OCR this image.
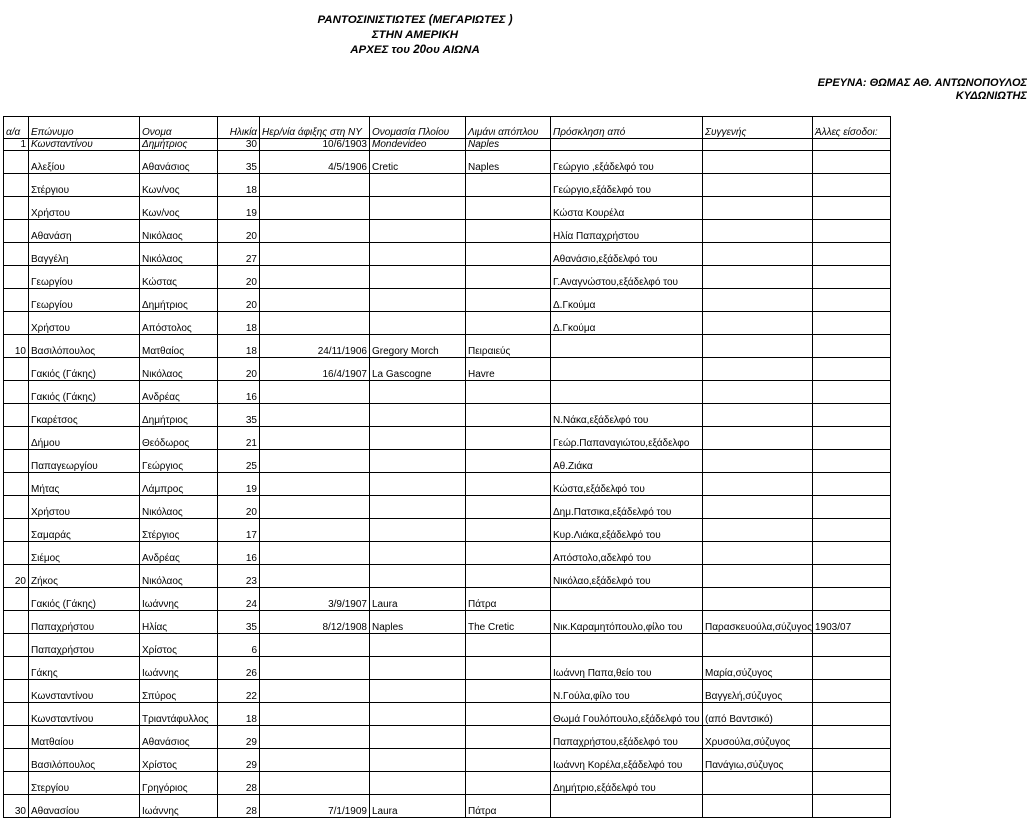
ΡΑΝΤΟΣΙΝΙΣΤΙΩΤΕΣ (ΜΕΓΑΡΙΩΤΕΣ )
ΣΤΗΝ ΑΜΕΡΙΚΗ
ΑΡΧΕΣ του 20ου ΑΙΩΝΑ
ΕΡΕΥΝΑ: ΘΩΜΑΣ ΑΘ. ΑΝΤΩΝΟΠΟΥΛΟΣ
ΚΥΔΩΝΙΩΤΗΣ
α/α	Επώνυμο	Ονομα	Ηλικία	Ηερ/νία άφιξης στη ΝΥ	Ονομασία Πλοίου	Λιμάνι απόπλου	Πρόσκληση από	Συγγενής	Άλλες είσοδοι:
1	Κωνσταντίνου	Δημήτριος	30	10/6/1903	Mondevideo	Naples			
	Αλεξίου	Αθανάσιος	35	4/5/1906	Cretic	Naples	Γεώργιο ,εξάδελφό του		
	Στέργιου	Κων/νος	18				Γεώργιο,εξάδελφό του		
	Χρήστου	Κων/νος	19				Κώστα Κουρέλα		
	Αθανάση	Νικόλαος	20				Ηλία Παπαχρήστου		
	Βαγγέλη	Νικόλαος	27				Αθανάσιο,εξάδελφό του		
	Γεωργίου	Κώστας	20				Γ.Αναγνώστου,εξάδελφό του		
	Γεωργίου	Δημήτριος	20				Δ.Γκούμα		
	Χρήστου	Απόστολος	18				Δ.Γκούμα		
10	Βασιλόπουλος	Ματθαίος	18	24/11/1906	Gregory Morch	Πειραιεύς			
	Γακιός (Γάκης)	Νικόλαος	20	16/4/1907	La Gascogne	Havre			
	Γακιός (Γάκης)	Ανδρέας	16						
	Γκαρέτσος	Δημήτριος	35				Ν.Νάκα,εξάδελφό του		
	Δήμου	Θεόδωρος	21				Γεώρ.Παπαναγιώτου,εξάδελφο		
	Παπαγεωργίου	Γεώργιος	25				Αθ.Ζιάκα		
	Μήτας	Λάμπρος	19				Κώστα,εξάδελφό του		
	Χρήστου	Νικόλαος	20				Δημ.Πατσικα,εξάδελφό του		
	Σαμαράς	Στέργιος	17				Κυρ.Λιάκα,εξάδελφό του		
	Σιέμος	Ανδρέας	16				Απόστολο,αδελφό του		
20	Ζήκος	Νικόλαος	23				Νικόλαο,εξάδελφό του		
	Γακιός (Γάκης)	Ιωάννης	24	3/9/1907	Laura	Πάτρα			
	Παπαχρήστου	Ηλίας	35	8/12/1908	Naples	The Cretic	Νικ.Καραμητόπουλο,φίλο του	Παρασκευούλα,σύζυγος	1903/07
	Παπαχρήστου	Χρίστος	6						
	Γάκης	Ιωάννης	26				Ιωάννη Παπα,θείο του	Μαρία,σύζυγος	
	Κωνσταντίνου	Σπύρος	22				Ν.Γούλα,φίλο του	Βαγγελή,σύζυγος	
	Κωνσταντίνου	Τριαντάφυλλος	18				Θωμά Γουλόπουλο,εξάδελφό του	(από Βαντσικό)	
	Ματθαίου	Αθανάσιος	29				Παπαχρήστου,εξάδελφό του	Χρυσούλα,σύζυγος	
	Βασιλόπουλος	Χρίστος	29				Ιωάννη Κορέλα,εξάδελφό του	Πανάγιω,σύζυγος	
	Στεργίου	Γρηγόριος	28				Δημήτριο,εξάδελφό του		
30	Αθανασίου	Ιωάννης	28	7/1/1909	Laura	Πάτρα			
